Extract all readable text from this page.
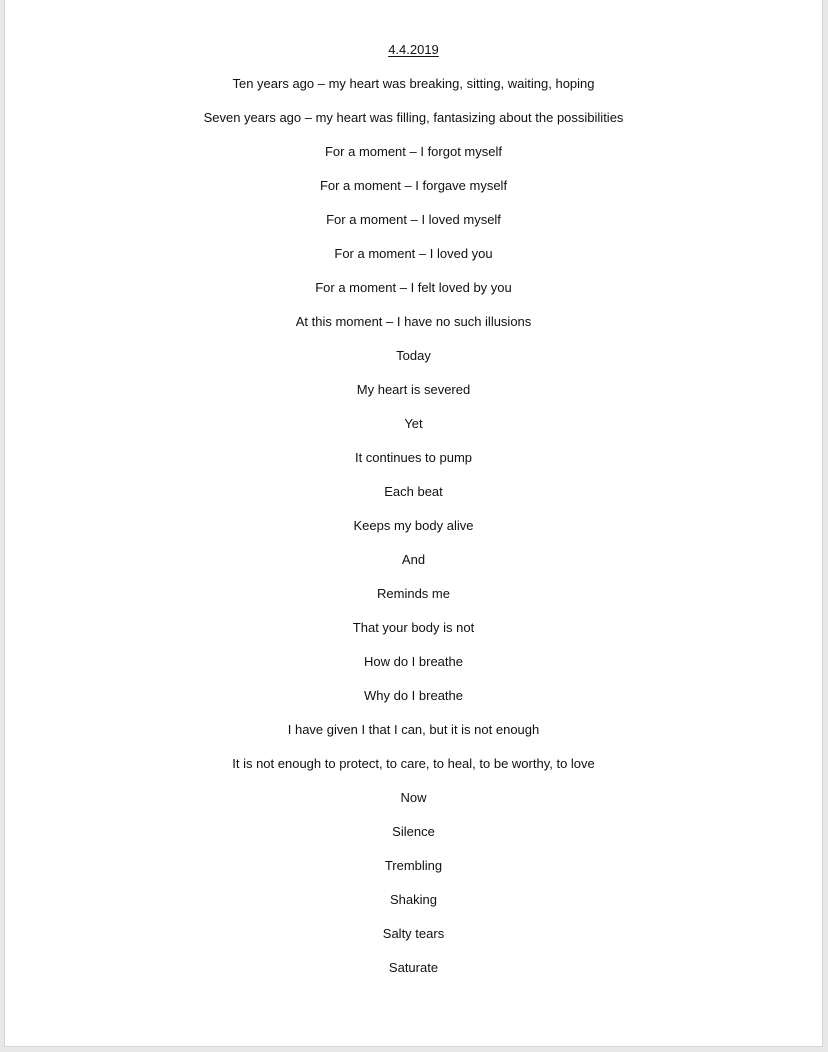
4.4.2019
Ten years ago – my heart was breaking, sitting, waiting, hoping
Seven years ago – my heart was filling, fantasizing about the possibilities
For a moment – I forgot myself
For a moment – I forgave myself
For a moment – I loved myself
For a moment – I loved you
For a moment – I felt loved by you
At this moment – I have no such illusions
Today
My heart is severed
Yet
It continues to pump
Each beat
Keeps my body alive
And
Reminds me
That your body is not
How do I breathe
Why do I breathe
I have given I that I can, but it is not enough
It is not enough to protect, to care, to heal, to be worthy, to love
Now
Silence
Trembling
Shaking
Salty tears
Saturate
